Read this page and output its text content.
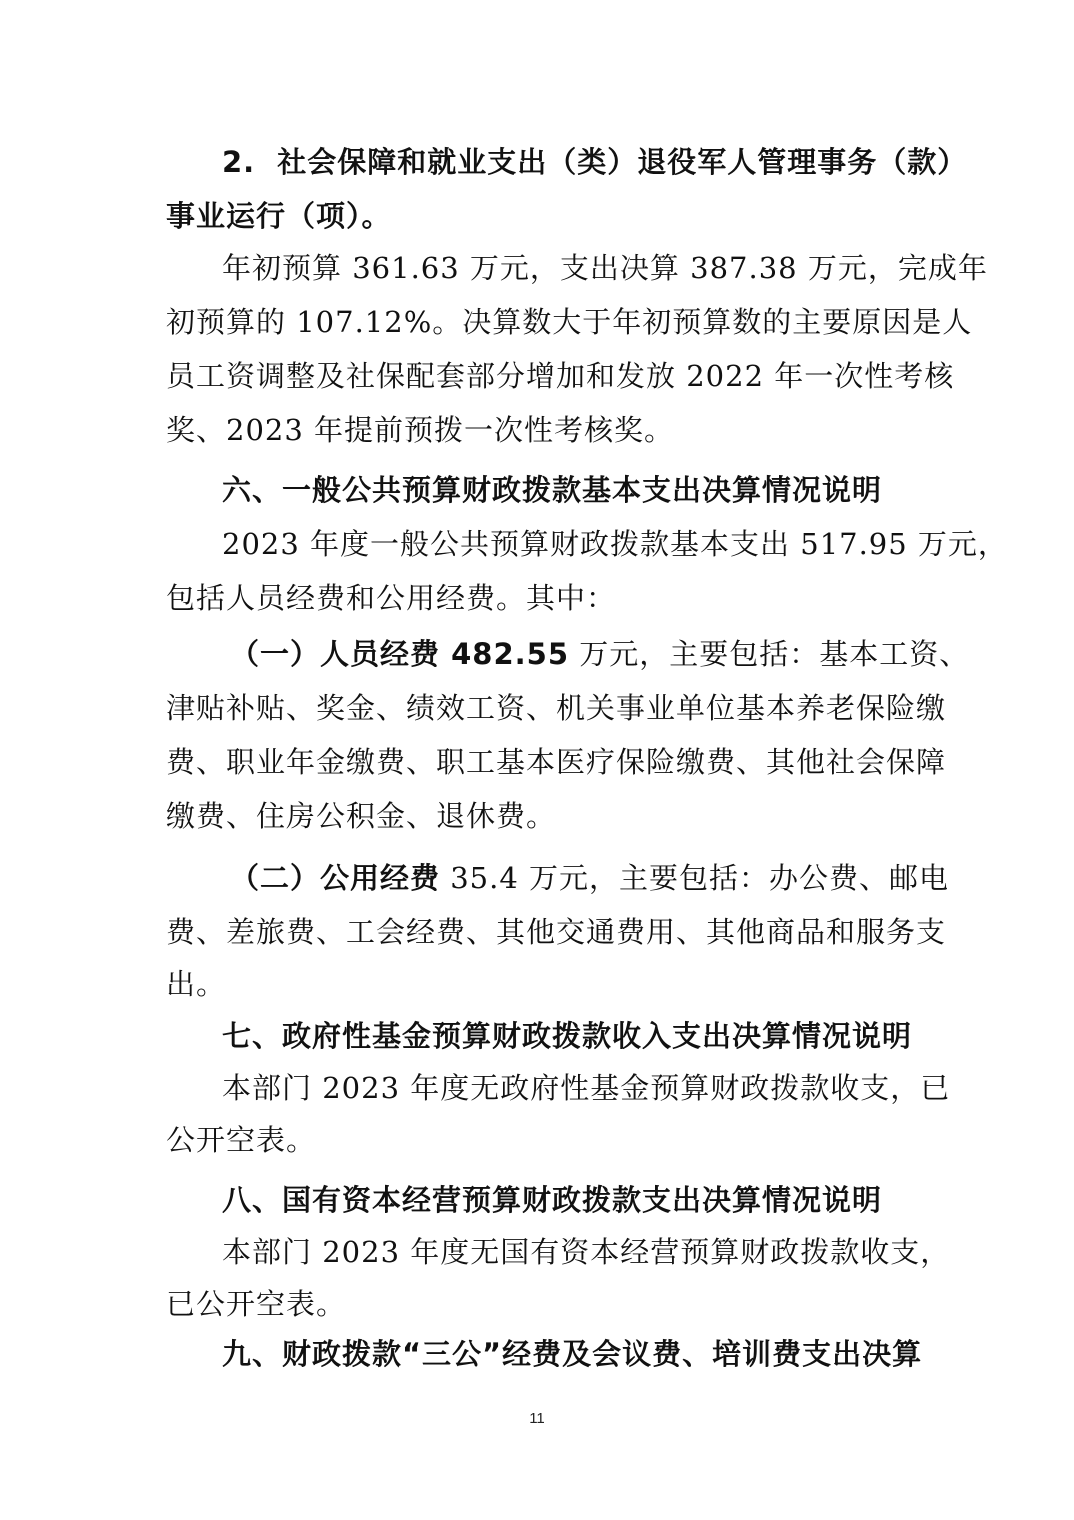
2. 社会保障和就业支出（类）退役军人管理事务（款）
事业运行（项）。
年初预算 361.63 万元，支出决算 387.38 万元，完成年
初预算的 107.12%。决算数大于年初预算数的主要原因是人
员工资调整及社保配套部分增加和发放 2022 年一次性考核
奖、2023 年提前预拨一次性考核奖。
六、一般公共预算财政拨款基本支出决算情况说明
2023 年度一般公共预算财政拨款基本支出 517.95 万元，
包括人员经费和公用经费。其中：
（一）人员经费 482.55 万元，主要包括：基本工资、
津贴补贴、奖金、绩效工资、机关事业单位基本养老保险缴
费、职业年金缴费、职工基本医疗保险缴费、其他社会保障
缴费、住房公积金、退休费。
（二）公用经费 35.4 万元，主要包括：办公费、邮电
费、差旅费、工会经费、其他交通费用、其他商品和服务支
出。
七、政府性基金预算财政拨款收入支出决算情况说明
本部门 2023 年度无政府性基金预算财政拨款收支，已
公开空表。
八、国有资本经营预算财政拨款支出决算情况说明
本部门 2023 年度无国有资本经营预算财政拨款收支，
已公开空表。
九、财政拨款“三公”经费及会议费、培训费支出决算
11
